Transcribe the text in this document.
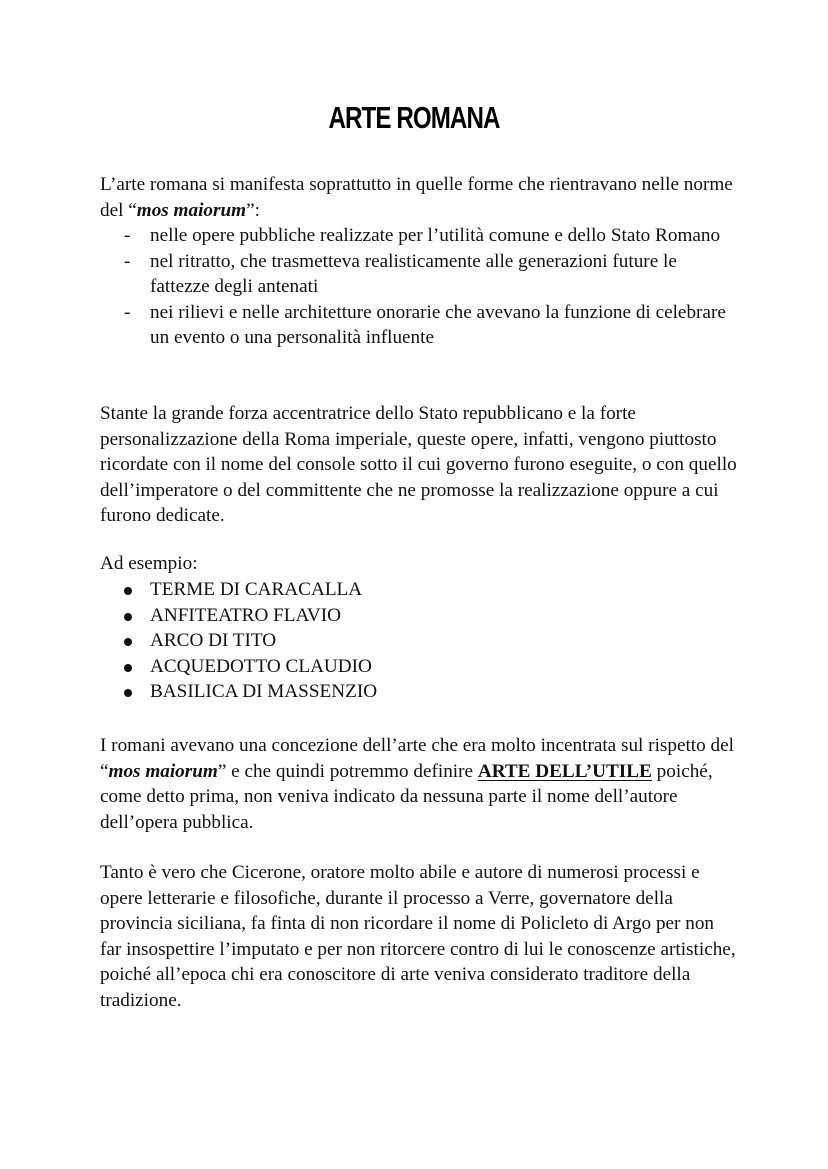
ARTE ROMANA

L’arte romana si manifesta soprattutto in quelle forme che rientravano nelle norme del “mos maiorum”:

- nelle opere pubbliche realizzate per l’utilità comune e dello Stato Romano
- nel ritratto, che trasmetteva realisticamente alle generazioni future le fattezze degli antenati
- nei rilievi e nelle architetture onorarie che avevano la funzione di celebrare un evento o una personalità influente

Stante la grande forza accentratrice dello Stato repubblicano e la forte personalizzazione della Roma imperiale, queste opere, infatti, vengono piuttosto ricordate con il nome del console sotto il cui governo furono eseguite, o con quello dell’imperatore o del committente che ne promosse la realizzazione oppure a cui furono dedicate.

Ad esempio:

TERME DI CARACALLA
ANFITEATRO FLAVIO
ARCO DI TITO
ACQUEDOTTO CLAUDIO
BASILICA DI MASSENZIO

I romani avevano una concezione dell’arte che era molto incentrata sul rispetto del “mos maiorum” e che quindi potremmo definire ARTE DELL’UTILE poiché, come detto prima, non veniva indicato da nessuna parte il nome dell’autore dell’opera pubblica.

Tanto è vero che Cicerone, oratore molto abile e autore di numerosi processi e opere letterarie e filosofiche, durante il processo a Verre, governatore della provincia siciliana, fa finta di non ricordare il nome di Policleto di Argo per non far insospettire l’imputato e per non ritorcere contro di lui le conoscenze artistiche, poiché all’epoca chi era conoscitore di arte veniva considerato traditore della tradizione.
